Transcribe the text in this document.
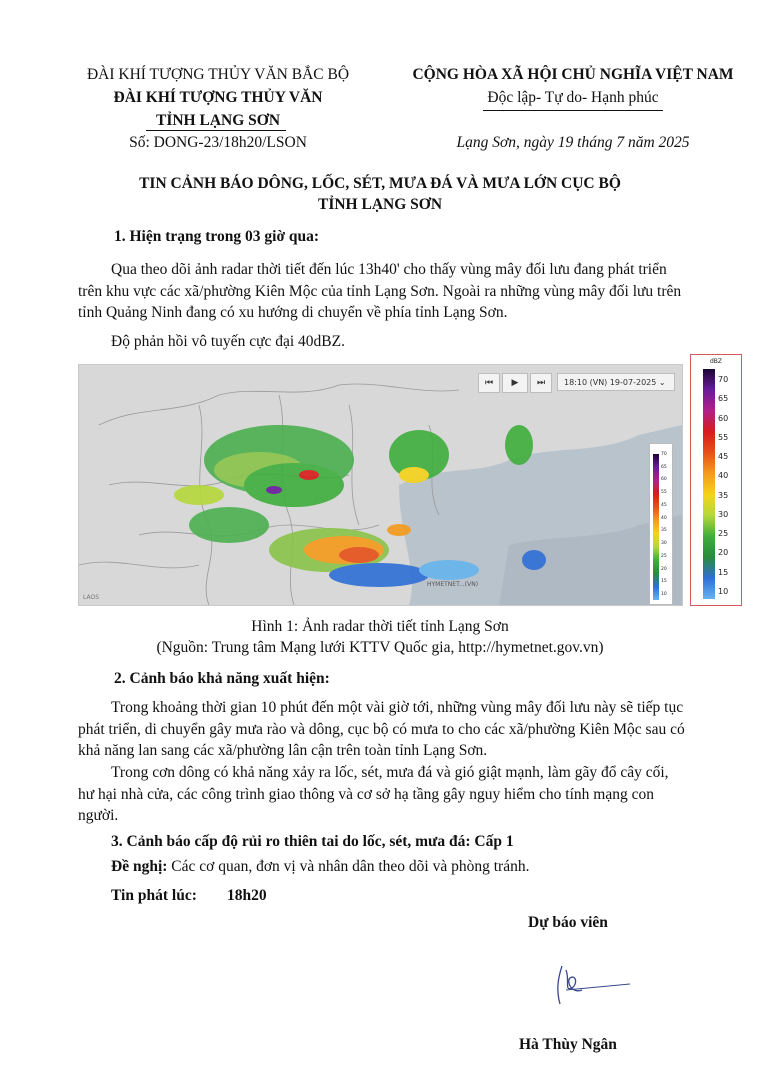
ĐÀI KHÍ TƯỢNG THỦY VĂN BẮC BỘ
ĐÀI KHÍ TƯỢNG THỦY VĂN
TỈNH LẠNG SƠN
Số: DONG-23/18h20/LSON
CỘNG HÒA XÃ HỘI CHỦ NGHĨA VIỆT NAM
Độc lập- Tự do- Hạnh phúc
Lạng Sơn, ngày 19 tháng 7 năm 2025
TIN CẢNH BÁO DÔNG, LỐC, SÉT, MƯA ĐÁ VÀ MƯA LỚN CỤC BỘ
TỈNH LẠNG SƠN
1. Hiện trạng trong 03 giờ qua:
Qua theo dõi ảnh radar thời tiết đến lúc 13h40' cho thấy vùng mây đối lưu đang phát triển
trên khu vực các xã/phường Kiên Mộc của tỉnh Lạng Sơn. Ngoài ra những vùng mây đối lưu trên
tỉnh Quảng Ninh đang có xu hướng di chuyển về phía tỉnh Lạng Sơn.
Độ phản hồi vô tuyến cực đại 40dBZ.
⏮	▶	⏭	18:10 (VN) 19-07-2025 ⌄
HYMETNET...(VN)
LAOS
70
65
60
55
45
40
35
30
25
20
15
10
dBZ
70
65
60
55
45
40
35
30
25
20
15
10
Hình 1: Ảnh radar thời tiết tỉnh Lạng Sơn
(Nguồn: Trung tâm Mạng lưới KTTV Quốc gia, http://hymetnet.gov.vn)
2. Cảnh báo khả năng xuất hiện:
Trong khoảng thời gian 10 phút đến một vài giờ tới, những vùng mây đối lưu này sẽ tiếp tục
phát triển, di chuyển gây mưa rào và dông, cục bộ có mưa to cho các xã/phường Kiên Mộc sau có
khả năng lan sang các xã/phường lân cận trên toàn tỉnh Lạng Sơn.
Trong cơn dông có khả năng xảy ra lốc, sét, mưa đá và gió giật mạnh, làm gãy đổ cây cối,
hư hại nhà cửa, các công trình giao thông và cơ sở hạ tầng gây nguy hiểm cho tính mạng con
người.
3. Cảnh báo cấp độ rủi ro thiên tai do lốc, sét, mưa đá: Cấp 1
Đề nghị: Các cơ quan, đơn vị và nhân dân theo dõi và phòng tránh.
Tin phát lúc: 18h20
Dự báo viên
Hà Thùy Ngân
